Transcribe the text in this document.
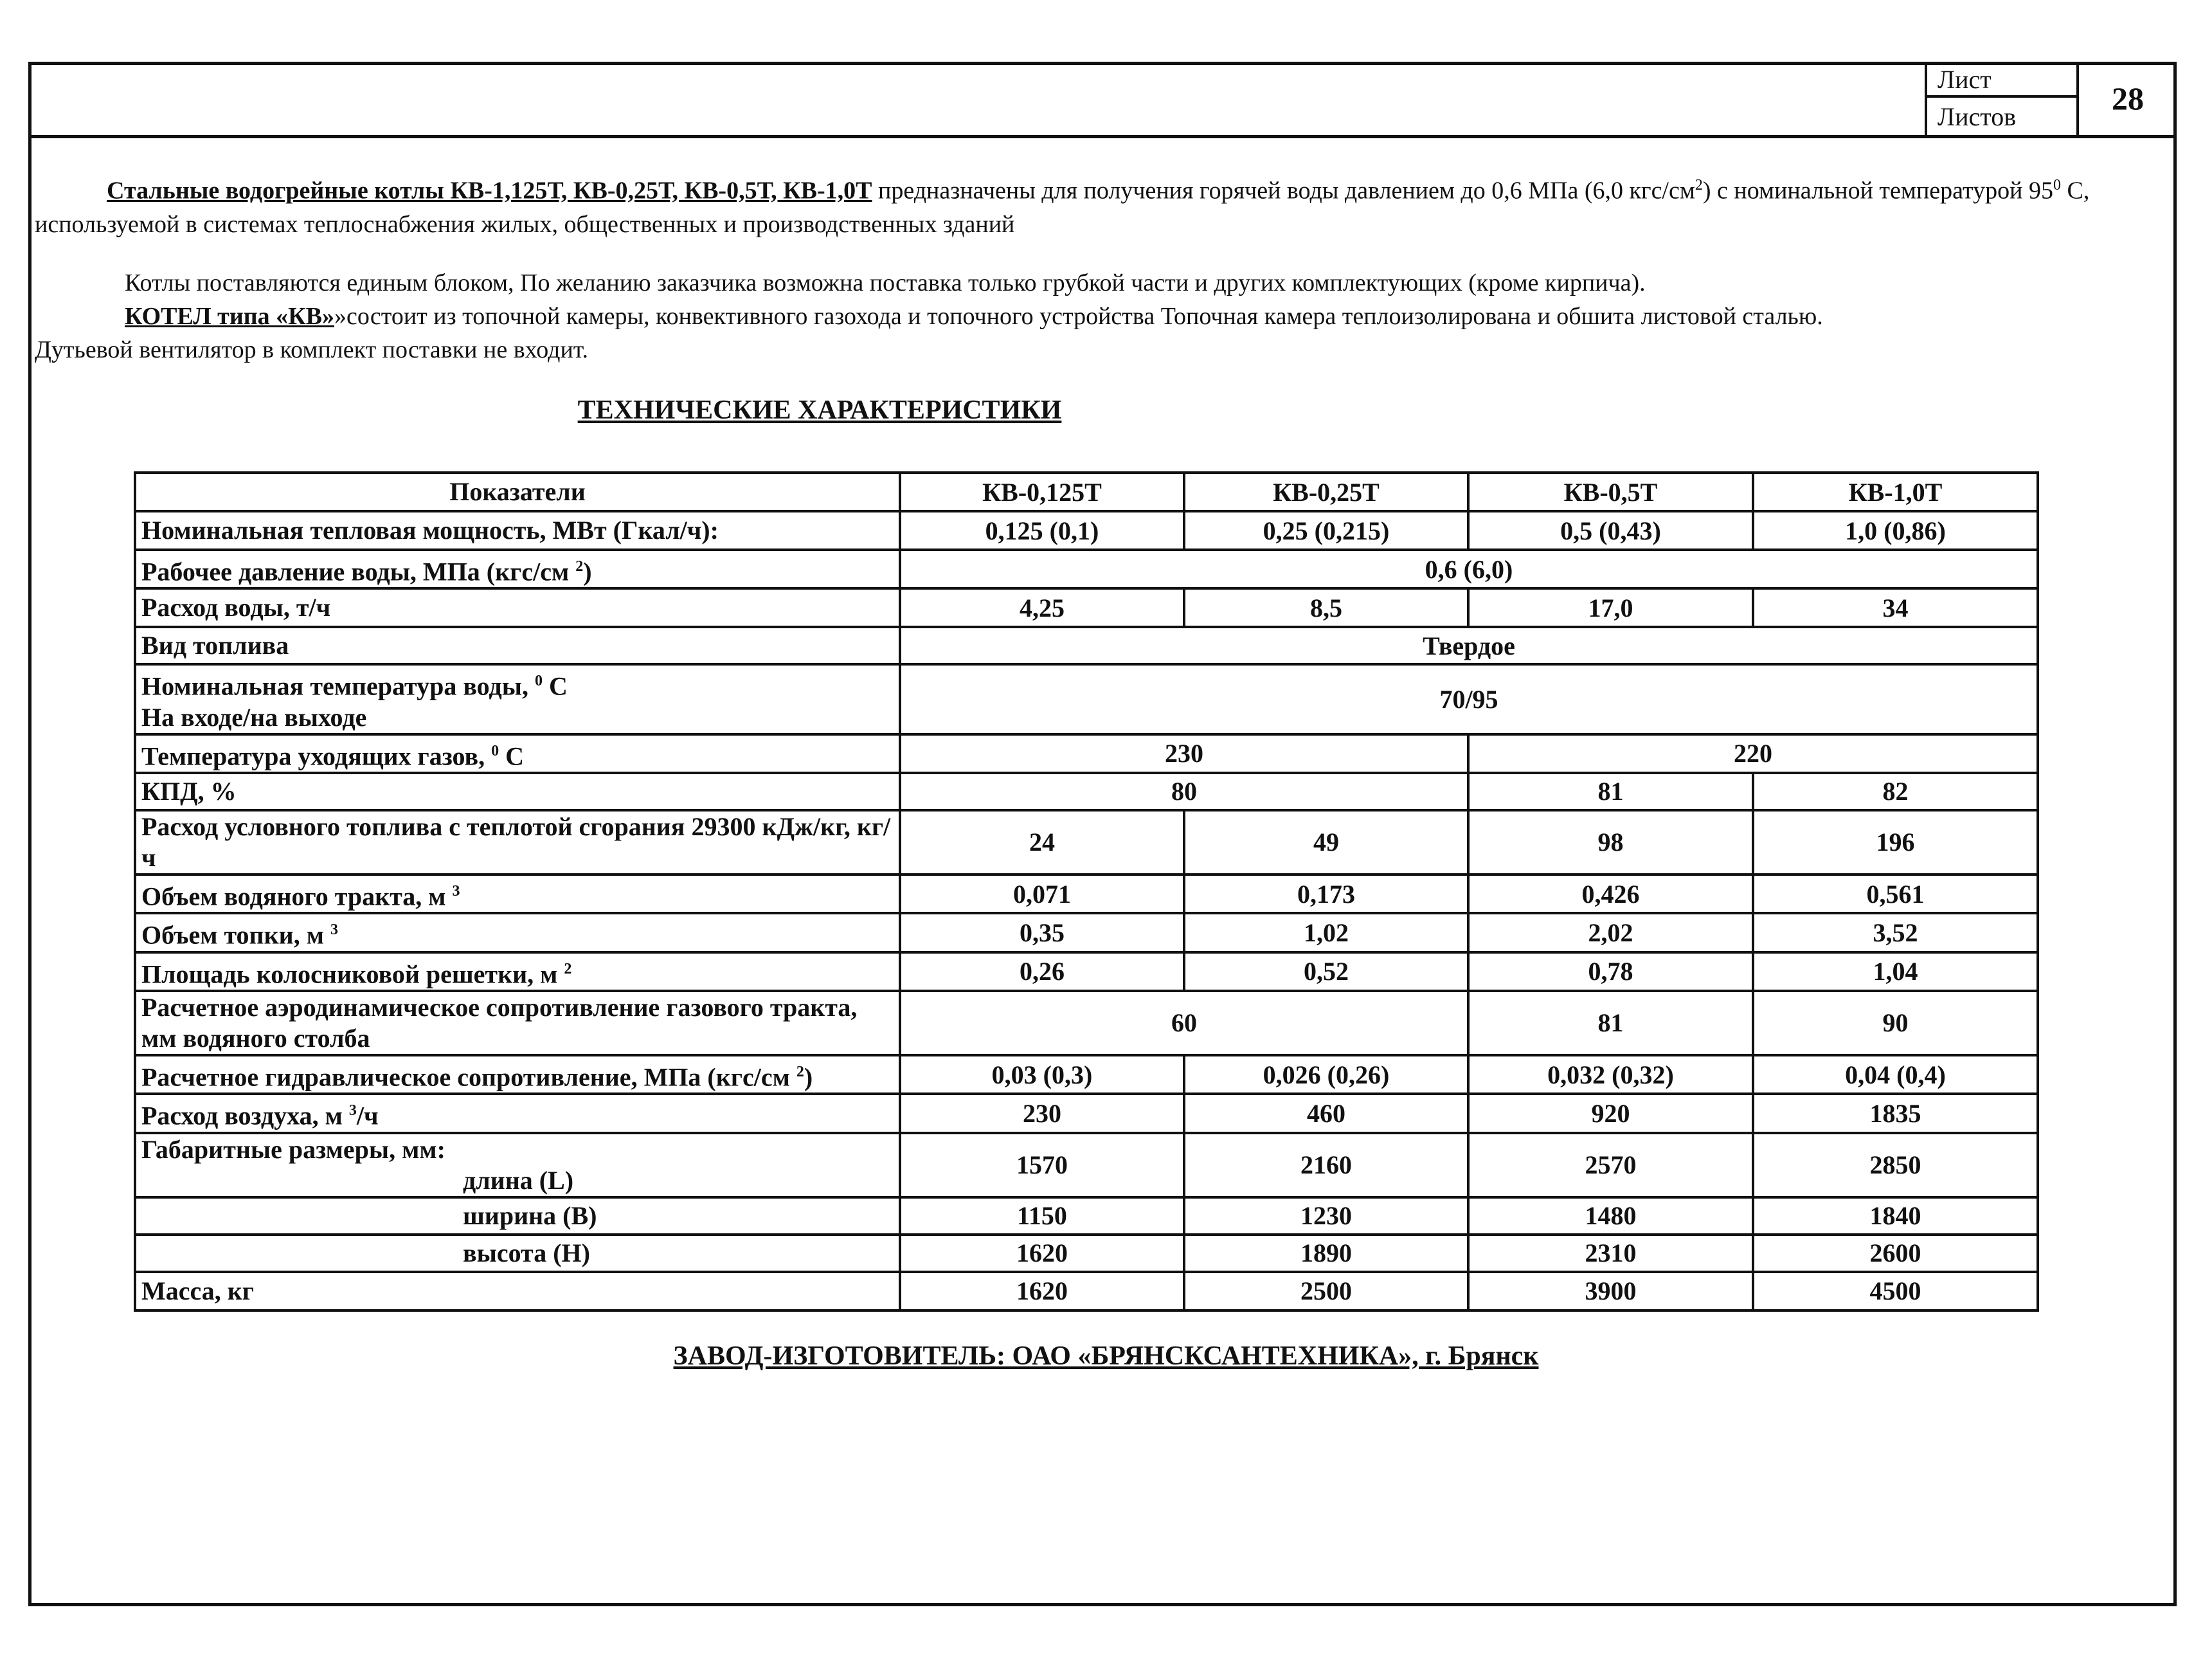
Лист
Листов
28
Стальные водогрейные котлы КВ-1,125Т, КВ-0,25Т, КВ-0,5Т, КВ-1,0Т предназначены для получения горячей воды давлением до 0,6 МПа (6,0 кгс/$см^2$) с номинальной температурой $95^0$ С, используемой в системах теплоснабжения жилых, общественных и производственных зданий
Котлы поставляются единым блоком, По желанию заказчика возможна поставка только грубкой части и других комплектующих (кроме кирпича).
КОТЕЛ типа «КВ»»состоит из топочной камеры, конвективного газохода и топочного устройства Топочная камера теплоизолирована и обшита листовой сталью.
Дутьевой вентилятор в комплект поставки не входит.
ТЕХНИЧЕСКИЕ ХАРАКТЕРИСТИКИ
Показатели	КВ-0,125Т	КВ-0,25Т	КВ-0,5Т	КВ-1,0Т
Номинальная тепловая мощность, МВт (Гкал/ч):	0,125 (0,1)	0,25 (0,215)	0,5 (0,43)	1,0 (0,86)
Рабочее давление воды, МПа (кгс/см $^2$)	0,6 (6,0)			
Расход воды, т/ч	4,25	8,5	17,0	34
Вид топлива	Твердое			
Номинальная температура воды, $^0$ С
На входе/на выходе	70/95			
Температура уходящих газов, $^0$ С	230		220	
КПД, %	80		81	82
Расход условного топлива с теплотой сгорания 29300 кДж/кг, кг/ч	24	49	98	196
Объем водяного тракта, м $^3$	0,071	0,173	0,426	0,561
Объем топки, м $^3$	0,35	1,02	2,02	3,52
Площадь колосниковой решетки, м $^2$	0,26	0,52	0,78	1,04
Расчетное аэродинамическое сопротивление газового тракта, мм водяного столба	60		81	90
Расчетное гидравлическое сопротивление, МПа (кгс/см $^2$)	0,03 (0,3)	0,026 (0,26)	0,032 (0,32)	0,04 (0,4)
Расход воздуха, м $^3$/ч	230	460	920	1835
Габаритные размеры, мм:
длина (L)	1570	2160	2570	2850

ширина (В)	1150	1230	1480	1840

высота (Н)	1620	1890	2310	2600
Масса, кг	1620	2500	3900	4500
ЗАВОД-ИЗГОТОВИТЕЛЬ: ОАО «БРЯНСКСАНТЕХНИКА», г. Брянск
